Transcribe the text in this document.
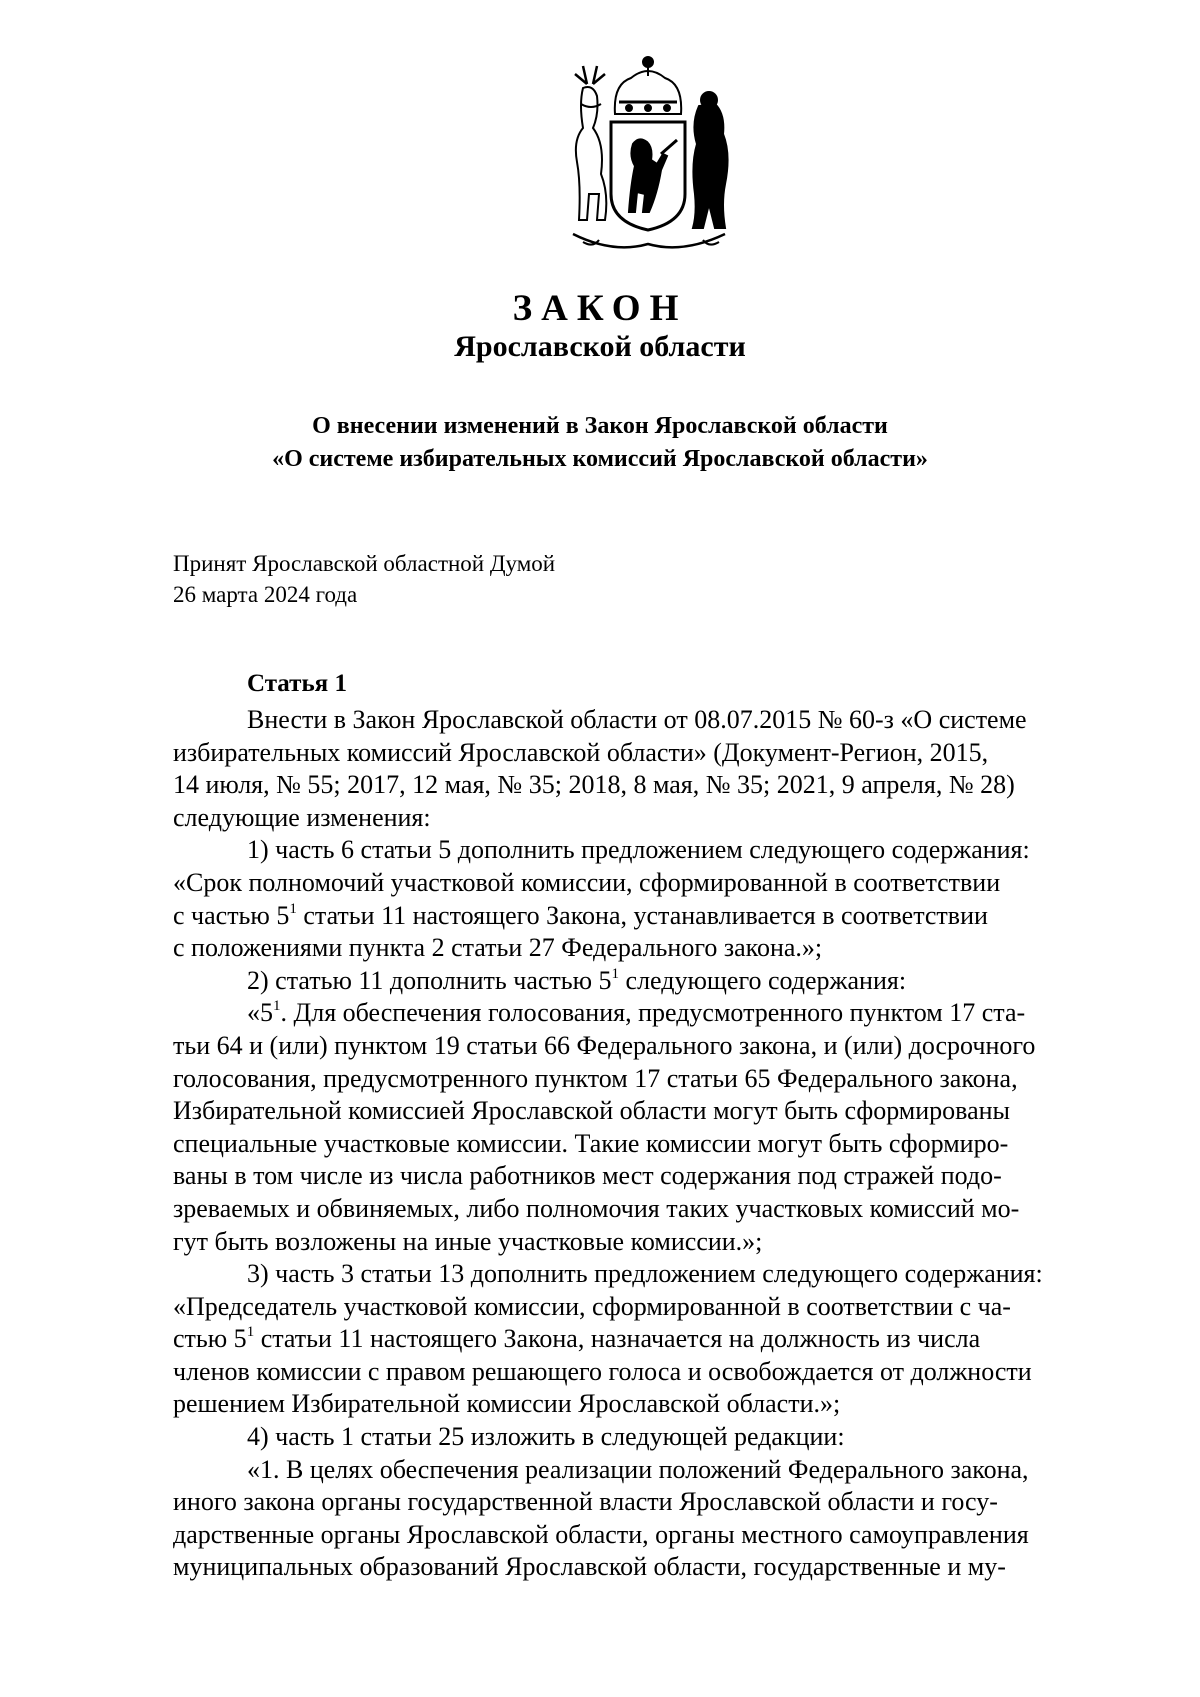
ЗАКОН
Ярославской области
О внесении изменений в Закон Ярославской области
«О системе избирательных комиссий Ярославской области»
Принят Ярославской областной Думой
26 марта 2024 года
Статья 1
Внести в Закон Ярославской области от 08.07.2015 № 60-з «О системе
избирательных комиссий Ярославской области» (Документ-Регион, 2015,
14 июля, № 55; 2017, 12 мая, № 35; 2018, 8 мая, № 35; 2021, 9 апреля, № 28)
следующие изменения:
1) часть 6 статьи 5 дополнить предложением следующего содержания:
«Срок полномочий участковой комиссии, сформированной в соответствии
с частью $5^1$ статьи 11 настоящего Закона, устанавливается в соответствии
с положениями пункта 2 статьи 27 Федерального закона.»;
2) статью 11 дополнить частью $5^1$ следующего содержания:
«$5^1$. Для обеспечения голосования, предусмотренного пунктом 17 ста-
тьи 64 и (или) пунктом 19 статьи 66 Федерального закона, и (или) досрочного
голосования, предусмотренного пунктом 17 статьи 65 Федерального закона,
Избирательной комиссией Ярославской области могут быть сформированы
специальные участковые комиссии. Такие комиссии могут быть сформиро-
ваны в том числе из числа работников мест содержания под стражей подо-
зреваемых и обвиняемых, либо полномочия таких участковых комиссий мо-
гут быть возложены на иные участковые комиссии.»;
3) часть 3 статьи 13 дополнить предложением следующего содержания:
«Председатель участковой комиссии, сформированной в соответствии с ча-
стью $5^1$ статьи 11 настоящего Закона, назначается на должность из числа
членов комиссии с правом решающего голоса и освобождается от должности
решением Избирательной комиссии Ярославской области.»;
4) часть 1 статьи 25 изложить в следующей редакции:
«1. В целях обеспечения реализации положений Федерального закона,
иного закона органы государственной власти Ярославской области и госу-
дарственные органы Ярославской области, органы местного самоуправления
муниципальных образований Ярославской области, государственные и му-
